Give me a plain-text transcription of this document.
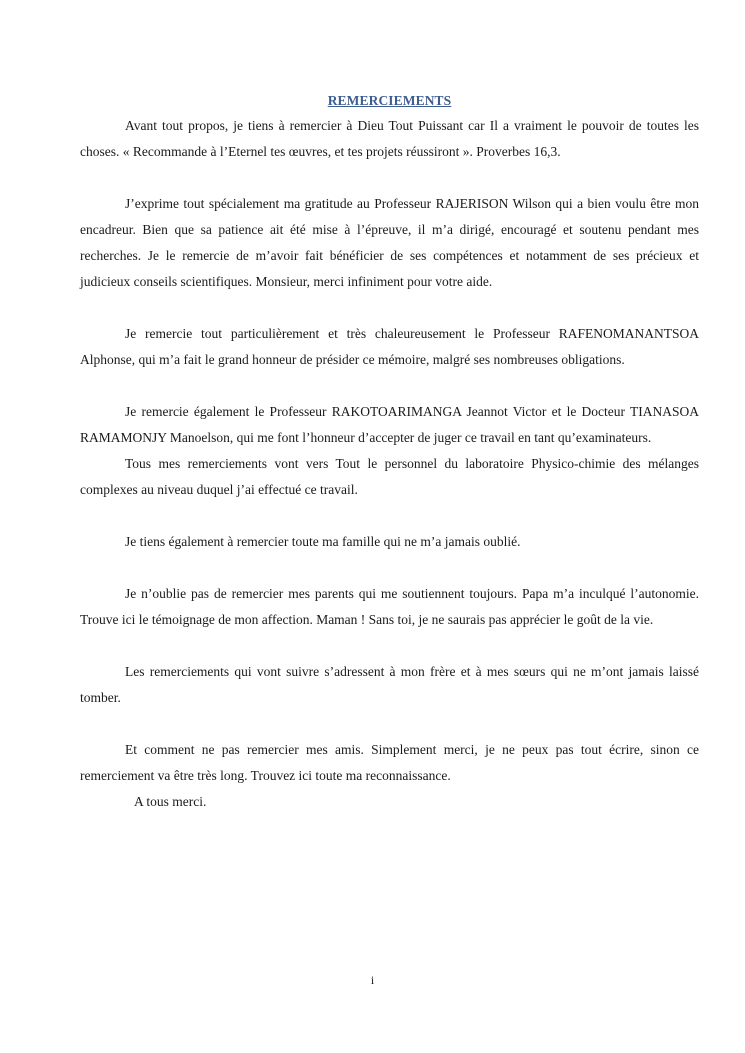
REMERCIEMENTS

Avant tout propos, je tiens à remercier à Dieu Tout Puissant car Il a vraiment le pouvoir de toutes les choses. « Recommande à l’Eternel tes œuvres, et tes projets réussiront ». Proverbes 16,3.

J’exprime tout spécialement ma gratitude au Professeur RAJERISON Wilson qui a bien voulu être mon encadreur. Bien que sa patience ait été mise à l’épreuve, il m’a dirigé, encouragé et soutenu pendant mes recherches. Je le remercie de m’avoir fait bénéficier de ses compétences et notamment de ses précieux et judicieux conseils scientifiques. Monsieur, merci infiniment pour votre aide.

Je remercie tout particulièrement et très chaleureusement le Professeur RAFENOMANANTSOA Alphonse, qui m’a fait le grand honneur de présider ce mémoire, malgré ses nombreuses obligations.

Je remercie également le Professeur RAKOTOARIMANGA Jeannot Victor et le Docteur TIANASOA RAMAMONJY Manoelson, qui me font l’honneur d’accepter de juger ce travail en tant qu’examinateurs.

Tous mes remerciements vont vers Tout le personnel du laboratoire Physico-chimie des mélanges complexes au niveau duquel j’ai effectué ce travail.

Je tiens également à remercier toute ma famille qui ne m’a jamais oublié.

Je n’oublie pas de remercier mes parents qui me soutiennent toujours. Papa m’a inculqué l’autonomie. Trouve ici le témoignage de mon affection. Maman ! Sans toi, je ne saurais pas apprécier le goût de la vie.

Les remerciements qui vont suivre s’adressent à mon frère et à mes sœurs qui ne m’ont jamais laissé tomber.

Et comment ne pas remercier mes amis. Simplement merci, je ne peux pas tout écrire, sinon ce remerciement va être très long. Trouvez ici toute ma reconnaissance.

A tous merci.

i
